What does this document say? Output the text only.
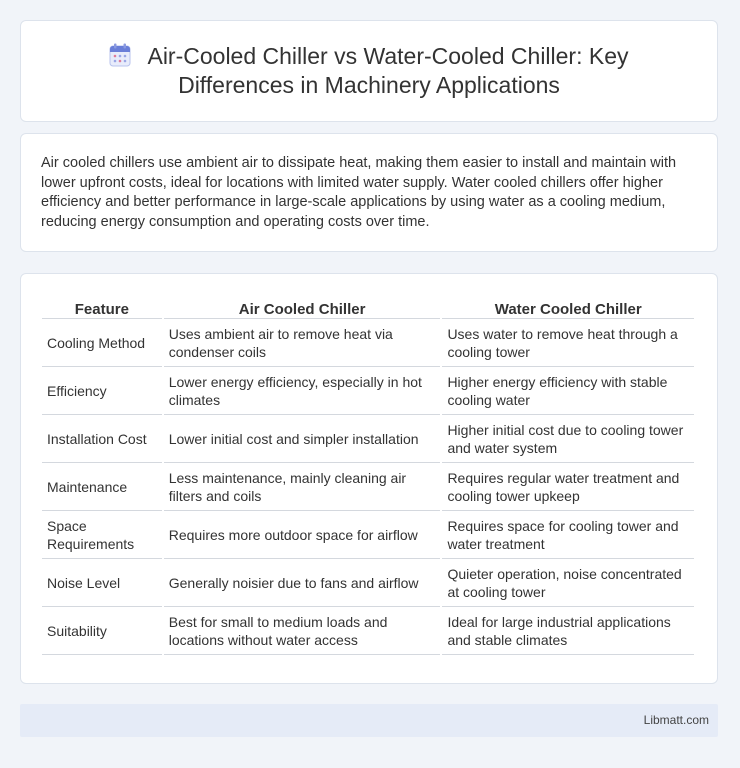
Air-Cooled Chiller vs Water-Cooled Chiller: Key
Differences in Machinery Applications
Air cooled chillers use ambient air to dissipate heat, making them easier to install and maintain with lower upfront costs, ideal for locations with limited water supply. Water cooled chillers offer higher efficiency and better performance in large-scale applications by using water as a cooling medium, reducing energy consumption and operating costs over time.
Feature	Air Cooled Chiller	Water Cooled Chiller
Cooling Method	Uses ambient air to remove heat via condenser coils	Uses water to remove heat through a cooling tower
Efficiency	Lower energy efficiency, especially in hot climates	Higher energy efficiency with stable cooling water
Installation Cost	Lower initial cost and simpler installation	Higher initial cost due to cooling tower and water system
Maintenance	Less maintenance, mainly cleaning air filters and coils	Requires regular water treatment and cooling tower upkeep
Space Requirements	Requires more outdoor space for airflow	Requires space for cooling tower and water treatment
Noise Level	Generally noisier due to fans and airflow	Quieter operation, noise concentrated at cooling tower
Suitability	Best for small to medium loads and locations without water access	Ideal for large industrial applications and stable climates
Libmatt.com
